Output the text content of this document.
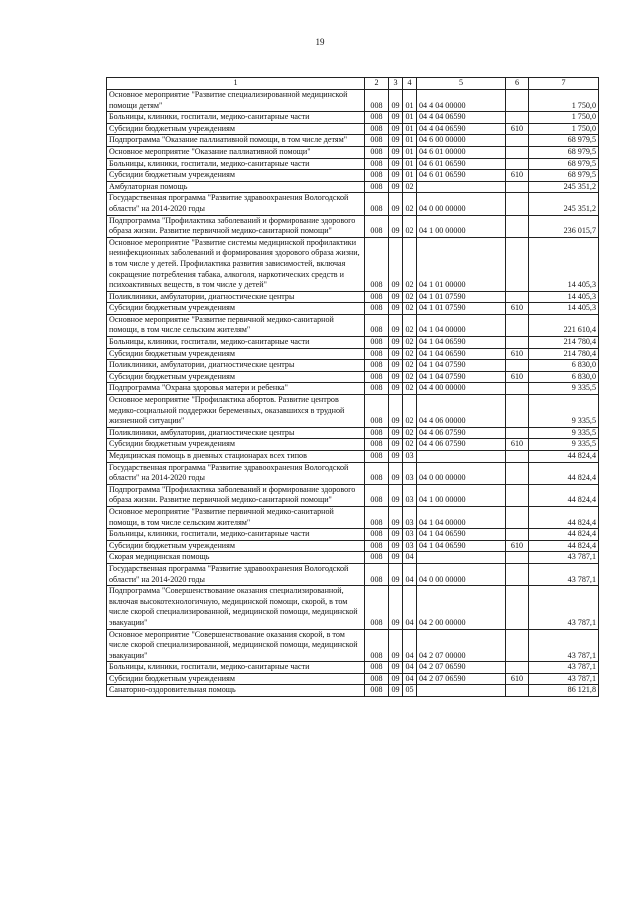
19
1	2	3	4	5	6	7
Основное мероприятие "Развитие специализированной медицинской помощи детям"	008	09	01	04 4 04 00000		1 750,0
Больницы, клиники, госпитали, медико-санитарные части	008	09	01	04 4 04 06590		1 750,0
Субсидии бюджетным учреждениям	008	09	01	04 4 04 06590	610	1 750,0
Подпрограмма "Оказание паллиативной помощи, в том числе детям"	008	09	01	04 6 00 00000		68 979,5
Основное мероприятие "Оказание паллиативной помощи"	008	09	01	04 6 01 00000		68 979,5
Больницы, клиники, госпитали, медико-санитарные части	008	09	01	04 6 01 06590		68 979,5
Субсидии бюджетным учреждениям	008	09	01	04 6 01 06590	610	68 979,5
Амбулаторная помощь	008	09	02			245 351,2
Государственная программа "Развитие здравоохранения Вологодской области" на 2014-2020 годы	008	09	02	04 0 00 00000		245 351,2
Подпрограмма "Профилактика заболеваний и формирование здорового образа жизни. Развитие первичной медико-санитарной помощи"	008	09	02	04 1 00 00000		236 015,7
Основное мероприятие "Развитие системы медицинской профилактики неинфекционных заболеваний и формирования здорового образа жизни, в том числе у детей. Профилактика развития зависимостей, включая сокращение потребления табака, алкоголя, наркотических средств и психоактивных веществ, в том числе у детей"	008	09	02	04 1 01 00000		14 405,3
Поликлиники, амбулатории, диагностические центры	008	09	02	04 1 01 07590		14 405,3
Субсидии бюджетным учреждениям	008	09	02	04 1 01 07590	610	14 405,3
Основное мероприятие "Развитие первичной медико-санитарной помощи, в том числе сельским жителям"	008	09	02	04 1 04 00000		221 610,4
Больницы, клиники, госпитали, медико-санитарные части	008	09	02	04 1 04 06590		214 780,4
Субсидии бюджетным учреждениям	008	09	02	04 1 04 06590	610	214 780,4
Поликлиники, амбулатории, диагностические центры	008	09	02	04 1 04 07590		6 830,0
Субсидии бюджетным учреждениям	008	09	02	04 1 04 07590	610	6 830,0
Подпрограмма "Охрана здоровья матери и ребенка"	008	09	02	04 4 00 00000		9 335,5
Основное мероприятие "Профилактика абортов. Развитие центров медико-социальной поддержки беременных, оказавшихся в трудной жизненной ситуации"	008	09	02	04 4 06 00000		9 335,5
Поликлиники, амбулатории, диагностические центры	008	09	02	04 4 06 07590		9 335,5
Субсидии бюджетным учреждениям	008	09	02	04 4 06 07590	610	9 335,5
Медицинская помощь в дневных стационарах всех типов	008	09	03			44 824,4
Государственная программа "Развитие здравоохранения Вологодской области" на 2014-2020 годы	008	09	03	04 0 00 00000		44 824,4
Подпрограмма "Профилактика заболеваний и формирование здорового образа жизни. Развитие первичной медико-санитарной помощи"	008	09	03	04 1 00 00000		44 824,4
Основное мероприятие "Развитие первичной медико-санитарной помощи, в том числе сельским жителям"	008	09	03	04 1 04 00000		44 824,4
Больницы, клиники, госпитали, медико-санитарные части	008	09	03	04 1 04 06590		44 824,4
Субсидии бюджетным учреждениям	008	09	03	04 1 04 06590	610	44 824,4
Скорая медицинская помощь	008	09	04			43 787,1
Государственная программа "Развитие здравоохранения Вологодской области" на 2014-2020 годы	008	09	04	04 0 00 00000		43 787,1
Подпрограмма "Совершенствование оказания специализированной, включая высокотехнологичную, медицинской помощи, скорой, в том числе скорой специализированной, медицинской помощи, медицинской эвакуации"	008	09	04	04 2 00 00000		43 787,1
Основное мероприятие "Совершенствование оказания скорой, в том числе скорой специализированной, медицинской помощи, медицинской эвакуации"	008	09	04	04 2 07 00000		43 787,1
Больницы, клиники, госпитали, медико-санитарные части	008	09	04	04 2 07 06590		43 787,1
Субсидии бюджетным учреждениям	008	09	04	04 2 07 06590	610	43 787,1
Санаторно-оздоровительная помощь	008	09	05			86 121,8
